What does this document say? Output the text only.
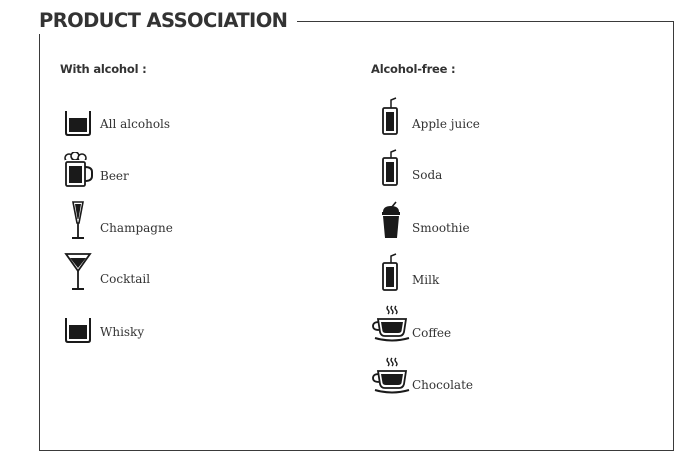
PRODUCT ASSOCIATION
With alcohol :
All alcohols
Beer
Champagne
Cocktail
Whisky
Alcohol-free :
Apple juice
Soda
Smoothie
Milk
Coffee
Chocolate
